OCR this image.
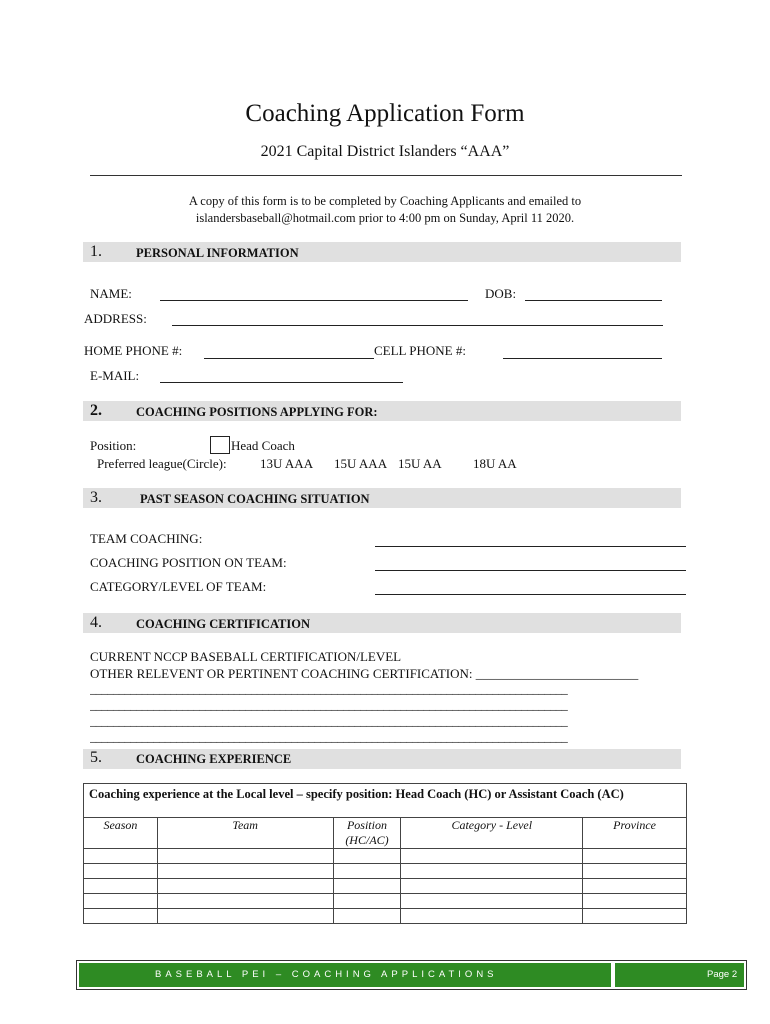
Coaching Application Form
2021 Capital District Islanders “AAA”
A copy of this form is to be completed by Coaching Applicants and emailed to
islandersbaseball@hotmail.com prior to 4:00 pm on Sunday, April 11 2020.
1.	PERSONAL INFORMATION
NAME:	DOB:
ADDRESS:
HOME PHONE #:	CELL PHONE #:
E-MAIL:
2.	COACHING POSITIONS APPLYING FOR:
Position:	Head Coach
Preferred league(Circle):	13U AAA 15U AAA 15U AA 18U AA
3.	PAST SEASON COACHING SITUATION
TEAM COACHING:
COACHING POSITION ON TEAM:
CATEGORY/LEVEL OF TEAM:
4.	COACHING CERTIFICATION
CURRENT NCCP BASEBALL CERTIFICATION/LEVEL
OTHER RELEVENT OR PERTINENT COACHING CERTIFICATION: _________________________
___________________________________________________________________________________
___________________________________________________________________________________
___________________________________________________________________________________
___________________________________________________________________________________
5.	COACHING EXPERIENCE
Coaching experience at the Local level – specify position: Head Coach (HC) or Assistant Coach (AC)				
Season	Team	Position (HC/AC)	Category - Level	Province

BASEBALL PEI – COACHING APPLICATIONS	Page 2
